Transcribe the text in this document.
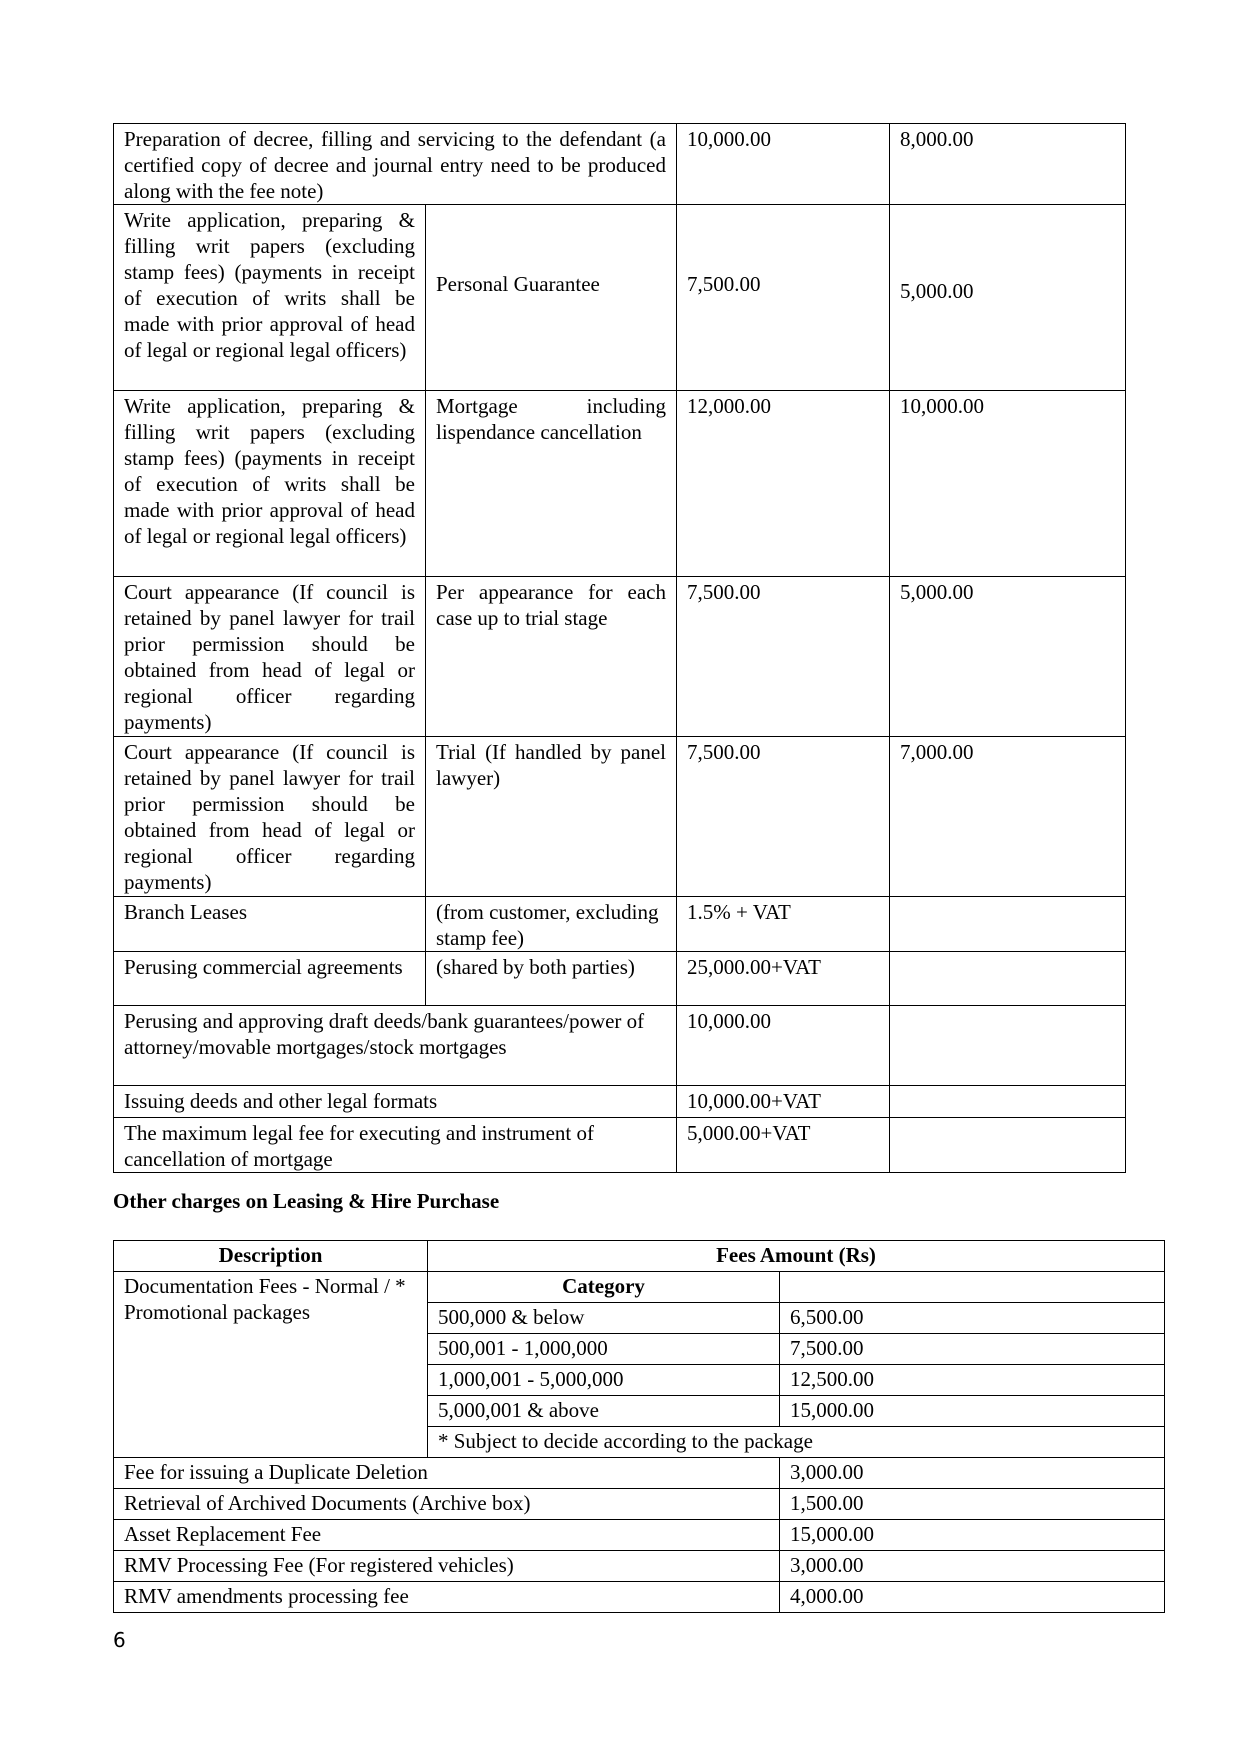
Preparation of decree, filling and servicing to the defendant (a certified copy of decree and journal entry need to be produced along with the fee note)		10,000.00	8,000.00
Write application, preparing & filling writ papers (excluding stamp fees) (payments in receipt of execution of writs shall be made with prior approval of head of legal or regional legal officers)	Personal Guarantee	7,500.00	5,000.00
Write application, preparing & filling writ papers (excluding stamp fees) (payments in receipt of execution of writs shall be made with prior approval of head of legal or regional legal officers)	Mortgage including lispendance cancellation	12,000.00	10,000.00
Court appearance (If council is retained by panel lawyer for trail prior permission should be obtained from head of legal or regional officer regarding payments)	Per appearance for each case up to trial stage	7,500.00	5,000.00
Court appearance (If council is retained by panel lawyer for trail prior permission should be obtained from head of legal or regional officer regarding payments)	Trial (If handled by panel lawyer)	7,500.00	7,000.00
Branch Leases	(from customer, excluding stamp fee)	1.5% + VAT	
Perusing commercial agreements	(shared by both parties)	25,000.00+VAT	
Perusing and approving draft deeds/bank guarantees/power of attorney/movable mortgages/stock mortgages		10,000.00	
Issuing deeds and other legal formats		10,000.00+VAT	
The maximum legal fee for executing and instrument of cancellation of mortgage		5,000.00+VAT	
Other charges on Leasing & Hire Purchase
Description	Fees Amount (Rs)	
Documentation Fees - Normal / * Promotional packages	Category	
	500,000 & below	6,500.00
	500,001 - 1,000,000	7,500.00
	1,000,001 - 5,000,000	12,500.00
	5,000,001 & above	15,000.00
	* Subject to decide according to the package	
Fee for issuing a Duplicate Deletion		3,000.00
Retrieval of Archived Documents (Archive box)		1,500.00
Asset Replacement Fee		15,000.00
RMV Processing Fee (For registered vehicles)		3,000.00
RMV amendments processing fee		4,000.00
6
